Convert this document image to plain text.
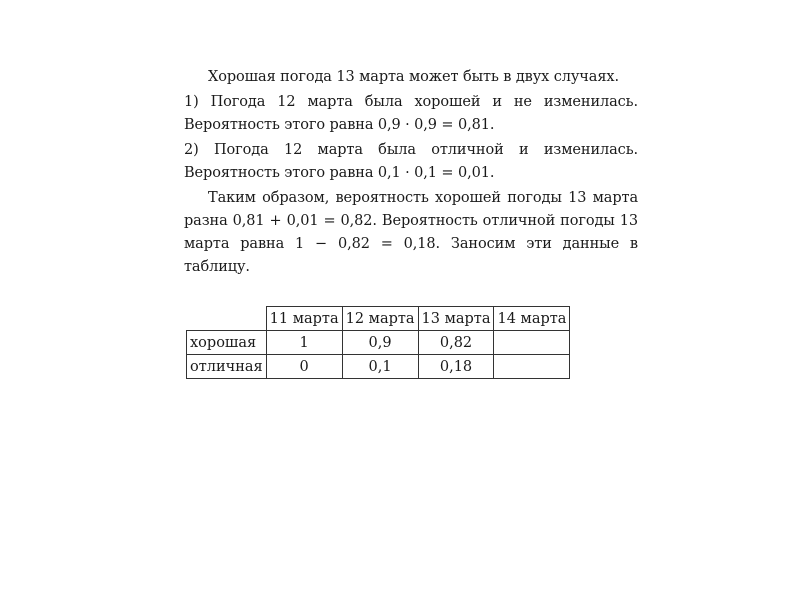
Хорошая погода 13 марта может быть в двух случаях.

1) Погода 12 марта была хорошей и не изменилась. Вероятность этого равна 0,9 · 0,9 = 0,81.

2) Погода 12 марта была отличной и изменилась. Вероятность этого равна 0,1 · 0,1 = 0,01.

Таким образом, вероятность хорошей погоды 13 марта разна 0,81 + 0,01 = 0,82. Вероятность отличной погоды 13 марта равна 1 − 0,82 = 0,18. Заносим эти данные в таблицу.

	11 марта	12 марта	13 марта	14 марта
хорошая	1	0,9	0,82	
отличная	0	0,1	0,18	
